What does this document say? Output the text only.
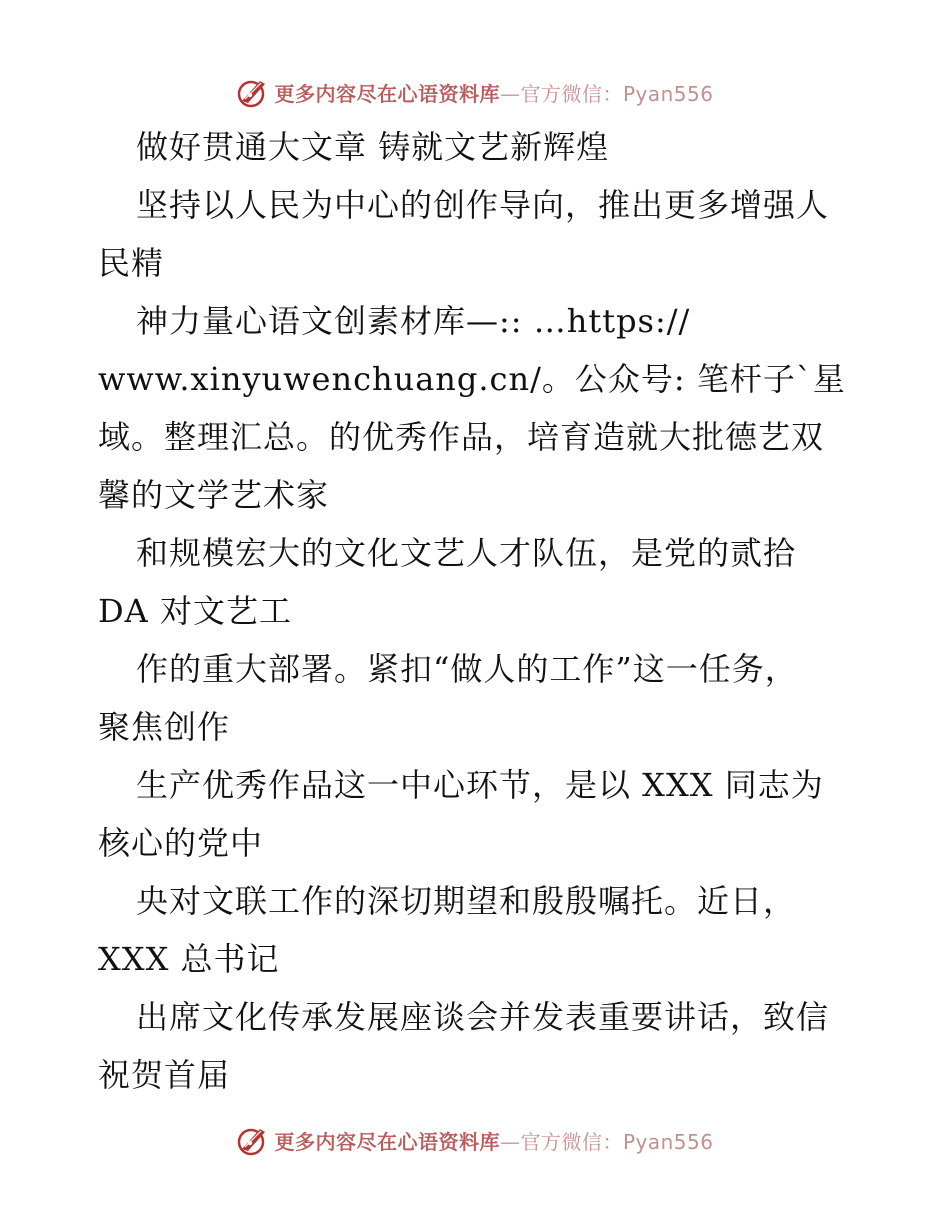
更多内容尽在心语资料库—官方微信：Pyan556
做好贯通大文章 铸就文艺新辉煌
坚持以人民为中心的创作导向，推出更多增强人
民精
神力量心语文创素材库—:: …https://
www.xinyuwenchuang.cn/。公众号: 笔杆子`星
域。整理汇总。的优秀作品，培育造就大批德艺双
馨的文学艺术家
和规模宏大的文化文艺人才队伍，是党的贰拾
DA 对文艺工
作的重大部署。紧扣“做人的工作”这一任务，
聚焦创作
生产优秀作品这一中心环节，是以 XXX 同志为
核心的党中
央对文联工作的深切期望和殷殷嘱托。近日，
XXX 总书记
出席文化传承发展座谈会并发表重要讲话，致信
祝贺首届
更多内容尽在心语资料库—官方微信：Pyan556
